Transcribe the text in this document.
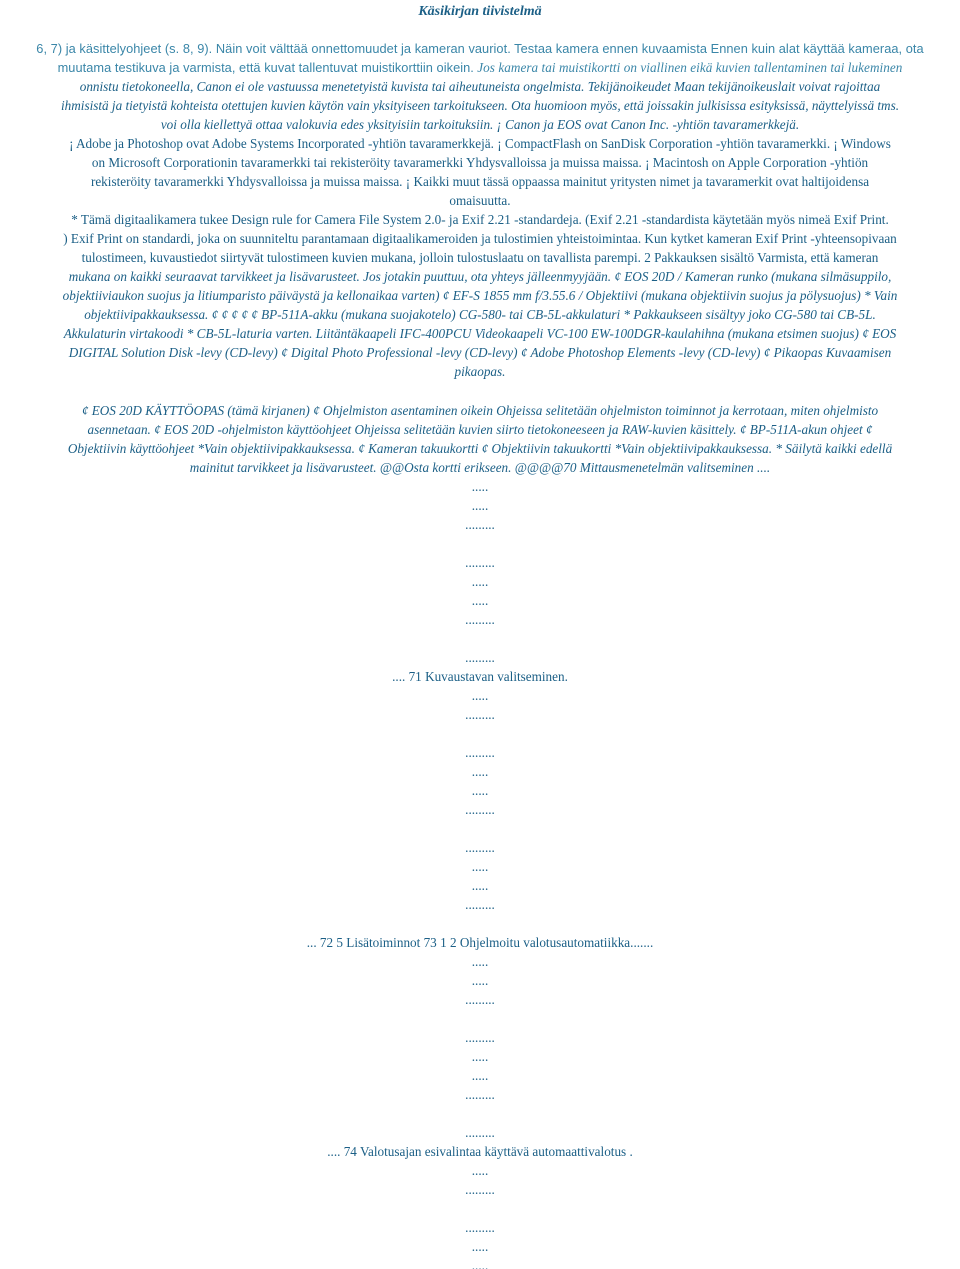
Käsikirjan tiivistelmä

6, 7) ja käsittelyohjeet (s. 8, 9). Näin voit välttää onnettomuudet ja kameran vauriot. Testaa kamera ennen kuvaamista Ennen kuin alat käyttää kameraa, ota
muutama testikuva ja varmista, että kuvat tallentuvat muistikorttiin oikein. Jos kamera tai muistikortti on viallinen eikä kuvien tallentaminen tai lukeminen

onnistu tietokoneella, Canon ei ole vastuussa menetetyistä kuvista tai aiheutuneista ongelmista. Tekijänoikeudet Maan tekijänoikeuslait voivat rajoittaa
ihmisistä ja tietyistä kohteista otettujen kuvien käytön vain yksityiseen tarkoitukseen. Ota huomioon myös, että joissakin julkisissa esityksissä, näyttelyissä tms.
voi olla kiellettyä ottaa valokuvia edes yksityisiin tarkoituksiin. ¡ Canon ja EOS ovat Canon Inc. -yhtiön tavaramerkkejä.

¡ Adobe ja Photoshop ovat Adobe Systems Incorporated -yhtiön tavaramerkkejä. ¡ CompactFlash on SanDisk Corporation -yhtiön tavaramerkki. ¡ Windows
on Microsoft Corporationin tavaramerkki tai rekisteröity tavaramerkki Yhdysvalloissa ja muissa maissa. ¡ Macintosh on Apple Corporation -yhtiön
rekisteröity tavaramerkki Yhdysvalloissa ja muissa maissa. ¡ Kaikki muut tässä oppaassa mainitut yritysten nimet ja tavaramerkit ovat haltijoidensa
omaisuutta.
* Tämä digitaalikamera tukee Design rule for Camera File System 2.0- ja Exif 2.21 -standardeja. (Exif 2.21 -standardista käytetään myös nimeä Exif Print.
) Exif Print on standardi, joka on suunniteltu parantamaan digitaalikameroiden ja tulostimien yhteistoimintaa. Kun kytket kameran Exif Print -yhteensopivaan
tulostimeen, kuvaustiedot siirtyvät tulostimeen kuvien mukana, jolloin tulostuslaatu on tavallista parempi. 2 Pakkauksen sisältö Varmista, että kameran

mukana on kaikki seuraavat tarvikkeet ja lisävarusteet. Jos jotakin puuttuu, ota yhteys jälleenmyyjään. ¢ EOS 20D / Kameran runko (mukana silmäsuppilo,
objektiiviaukon suojus ja litiumparisto päiväystä ja kellonaikaa varten) ¢ EF-S 1855 mm f/3.55.6 / Objektiivi (mukana objektiivin suojus ja pölysuojus) * Vain
objektiivipakkauksessa. ¢ ¢ ¢ ¢ ¢ BP-511A-akku (mukana suojakotelo) CG-580- tai CB-5L-akkulaturi * Pakkaukseen sisältyy joko CG-580 tai CB-5L.
Akkulaturin virtakoodi * CB-5L-laturia varten. Liitäntäkaapeli IFC-400PCU Videokaapeli VC-100 EW-100DGR-kaulahihna (mukana etsimen suojus) ¢ EOS
DIGITAL Solution Disk -levy (CD-levy) ¢ Digital Photo Professional -levy (CD-levy) ¢ Adobe Photoshop Elements -levy (CD-levy) ¢ Pikaopas Kuvaamisen
pikaopas.

¢ EOS 20D KÄYTTÖOPAS (tämä kirjanen) ¢ Ohjelmiston asentaminen oikein Ohjeissa selitetään ohjelmiston toiminnot ja kerrotaan, miten ohjelmisto
asennetaan. ¢ EOS 20D -ohjelmiston käyttöohjeet Ohjeissa selitetään kuvien siirto tietokoneeseen ja RAW-kuvien käsittely. ¢ BP-511A-akun ohjeet ¢
Objektiivin käyttöohjeet *Vain objektiivipakkauksessa. ¢ Kameran takuukortti ¢ Objektiivin takuukortti *Vain objektiivipakkauksessa. * Säilytä kaikki edellä
mainitut tarvikkeet ja lisävarusteet. @@Osta kortti erikseen. @@@@70 Mittausmenetelmän valitseminen ....

.....

.....

.........

.........

.....

.....

.........

.........

.... 71 Kuvaustavan valitseminen.

.....

.........

.........

.....

.....

.........

.........

.....

.....

.........

... 72 5 Lisätoiminnot 73 1 2 Ohjelmoitu valotusautomatiikka.......

.....

.....

.........

.........

.....

.....

.........

.........

.... 74 Valotusajan esivalintaa käyttävä automaattivalotus .

.....

.........

.........

.....

.....
